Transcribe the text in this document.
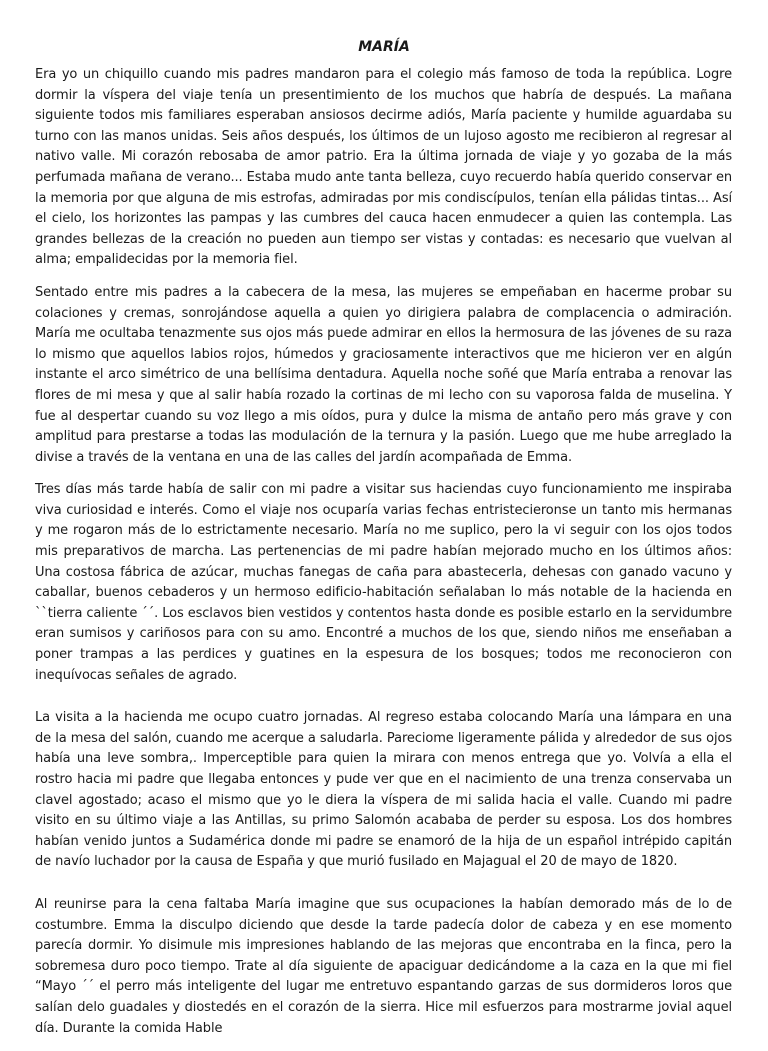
MARÍA

Era yo un chiquillo cuando mis padres mandaron para el colegio más famoso de toda la república. Logre dormir la víspera del viaje tenía un presentimiento de los muchos que habría de después. La mañana siguiente todos mis familiares esperaban ansiosos decirme adiós, María paciente y humilde aguardaba su turno con las manos unidas. Seis años después, los últimos de un lujoso agosto me recibieron al regresar al nativo valle. Mi corazón rebosaba de amor patrio. Era la última jornada de viaje y yo gozaba de la más perfumada mañana de verano... Estaba mudo ante tanta belleza, cuyo recuerdo había querido conservar en la memoria por que alguna de mis estrofas, admiradas por mis condiscípulos, tenían ella pálidas tintas... Así el cielo, los horizontes las pampas y las cumbres del cauca hacen enmudecer a quien las contempla. Las grandes bellezas de la creación no pueden aun tiempo ser vistas y contadas: es necesario que vuelvan al alma; empalidecidas por la memoria fiel.

Sentado entre mis padres a la cabecera de la mesa, las mujeres se empeñaban en hacerme probar su colaciones y cremas, sonrojándose aquella a quien yo dirigiera palabra de complacencia o admiración. María me ocultaba tenazmente sus ojos más puede admirar en ellos la hermosura de las jóvenes de su raza lo mismo que aquellos labios rojos, húmedos y graciosamente interactivos que me hicieron ver en algún instante el arco simétrico de una bellísima dentadura. Aquella noche soñé que María entraba a renovar las flores de mi mesa y que al salir había rozado la cortinas de mi lecho con su vaporosa falda de muselina. Y fue al despertar cuando su voz llego a mis oídos, pura y dulce la misma de antaño pero más grave y con amplitud para prestarse a todas las modulación de la ternura y la pasión. Luego que me hube arreglado la divise a través de la ventana en una de las calles del jardín acompañada de Emma.

Tres días más tarde había de salir con mi padre a visitar sus haciendas cuyo funcionamiento me inspiraba viva curiosidad e interés. Como el viaje nos ocuparía varias fechas entristecieronse un tanto mis hermanas y me rogaron más de lo estrictamente necesario. María no me suplico, pero la vi seguir con los ojos todos mis preparativos de marcha. Las pertenencias de mi padre habían mejorado mucho en los últimos años: Una costosa fábrica de azúcar, muchas fanegas de caña para abastecerla, dehesas con ganado vacuno y caballar, buenos cebaderos y un hermoso edificio-habitación señalaban lo más notable de la hacienda en ``tierra caliente ´´. Los esclavos bien vestidos y contentos hasta donde es posible estarlo en la servidumbre eran sumisos y cariñosos para con su amo. Encontré a muchos de los que, siendo niños me enseñaban a poner trampas a las perdices y guatines en la espesura de los bosques; todos me reconocieron con inequívocas señales de agrado.

La visita a la hacienda me ocupo cuatro jornadas. Al regreso estaba colocando María una lámpara en una de la mesa del salón, cuando me acerque a saludarla. Pareciome ligeramente pálida y alrededor de sus ojos había una leve sombra,. Imperceptible para quien la mirara con menos entrega que yo. Volvía a ella el rostro hacia mi padre que llegaba entonces y pude ver que en el nacimiento de una trenza conservaba un clavel agostado; acaso el mismo que yo le diera la víspera de mi salida hacia el valle. Cuando mi padre visito en su último viaje a las Antillas, su primo Salomón acababa de perder su esposa. Los dos hombres habían venido juntos a Sudamérica donde mi padre se enamoró de la hija de un español intrépido capitán de navío luchador por la causa de España y que murió fusilado en Majagual el 20 de mayo de 1820.

Al reunirse para la cena faltaba María imagine que sus ocupaciones la habían demorado más de lo de costumbre. Emma la disculpo diciendo que desde la tarde padecía dolor de cabeza y en ese momento parecía dormir. Yo disimule mis impresiones hablando de las mejoras que encontraba en la finca, pero la sobremesa duro poco tiempo. Trate al día siguiente de apaciguar dedicándome a la caza en la que mi fiel “Mayo ´´ el perro más inteligente del lugar me entretuvo espantando garzas de sus dormideros loros que salían delo guadales y diostedés en el corazón de la sierra. Hice mil esfuerzos para mostrarme jovial aquel día. Durante la comida Hable
